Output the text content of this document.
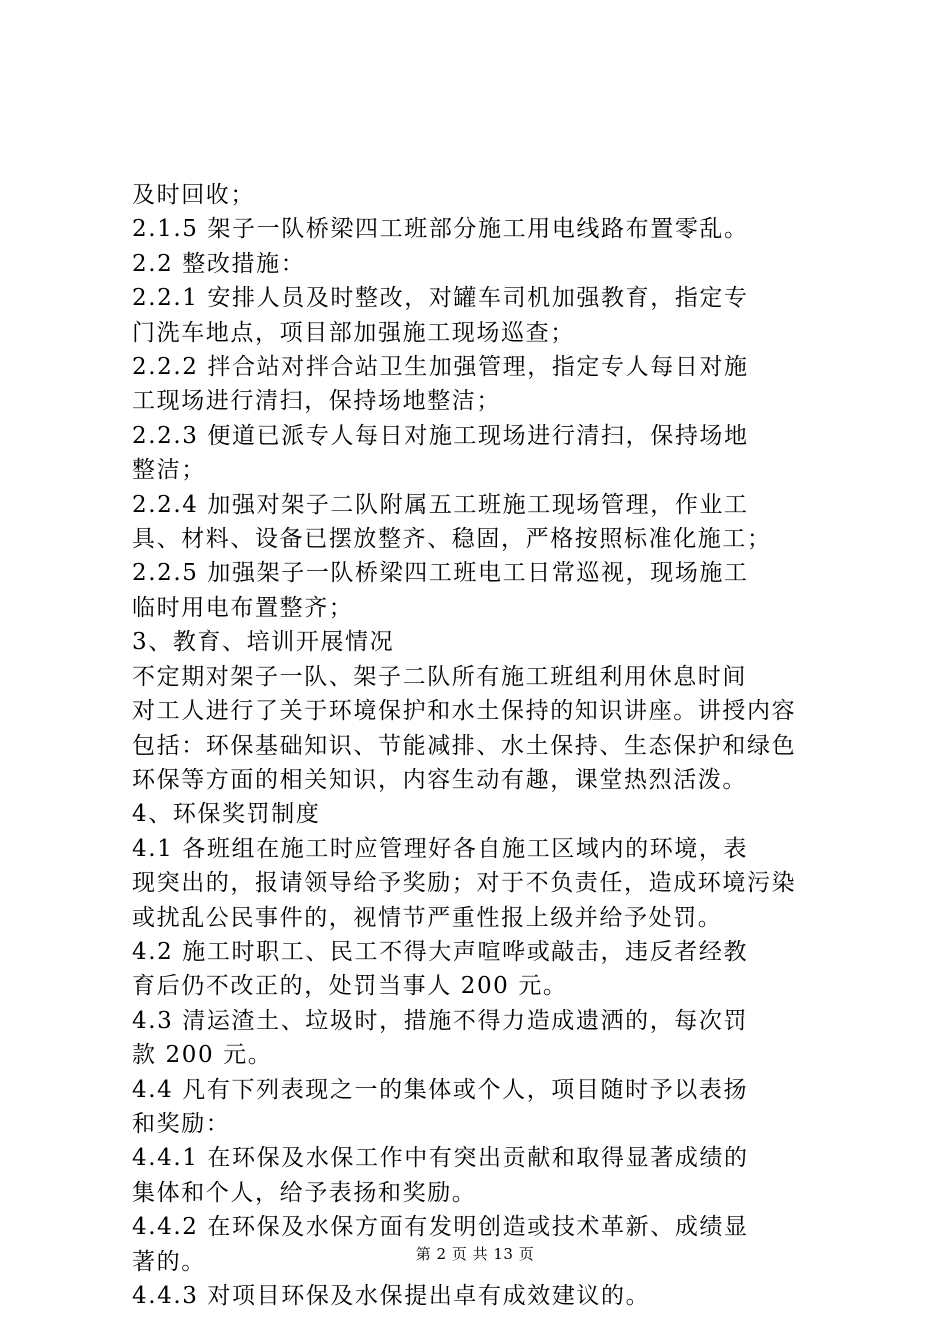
及时回收；

2.1.5 架子一队桥梁四工班部分施工用电线路布置零乱。

2.2 整改措施：

2.2.1 安排人员及时整改，对罐车司机加强教育，指定专

门洗车地点，项目部加强施工现场巡查；

2.2.2 拌合站对拌合站卫生加强管理，指定专人每日对施

工现场进行清扫，保持场地整洁；

2.2.3 便道已派专人每日对施工现场进行清扫，保持场地

整洁；

2.2.4 加强对架子二队附属五工班施工现场管理，作业工

具、材料、设备已摆放整齐、稳固，严格按照标准化施工；

2.2.5 加强架子一队桥梁四工班电工日常巡视，现场施工

临时用电布置整齐；

3、教育、培训开展情况

不定期对架子一队、架子二队所有施工班组利用休息时间

对工人进行了关于环境保护和水土保持的知识讲座。讲授内容

包括：环保基础知识、节能减排、水土保持、生态保护和绿色

环保等方面的相关知识，内容生动有趣，课堂热烈活泼。

4、环保奖罚制度

4.1 各班组在施工时应管理好各自施工区域内的环境，表

现突出的，报请领导给予奖励；对于不负责任，造成环境污染

或扰乱公民事件的，视情节严重性报上级并给予处罚。

4.2 施工时职工、民工不得大声喧哗或敲击，违反者经教

育后仍不改正的，处罚当事人 200 元。

4.3 清运渣土、垃圾时，措施不得力造成遗洒的，每次罚

款 200 元。

4.4 凡有下列表现之一的集体或个人，项目随时予以表扬

和奖励：

4.4.1 在环保及水保工作中有突出贡献和取得显著成绩的

集体和个人，给予表扬和奖励。

4.4.2 在环保及水保方面有发明创造或技术革新、成绩显

著的。

4.4.3 对项目环保及水保提出卓有成效建议的。

第 2 页 共 13 页
